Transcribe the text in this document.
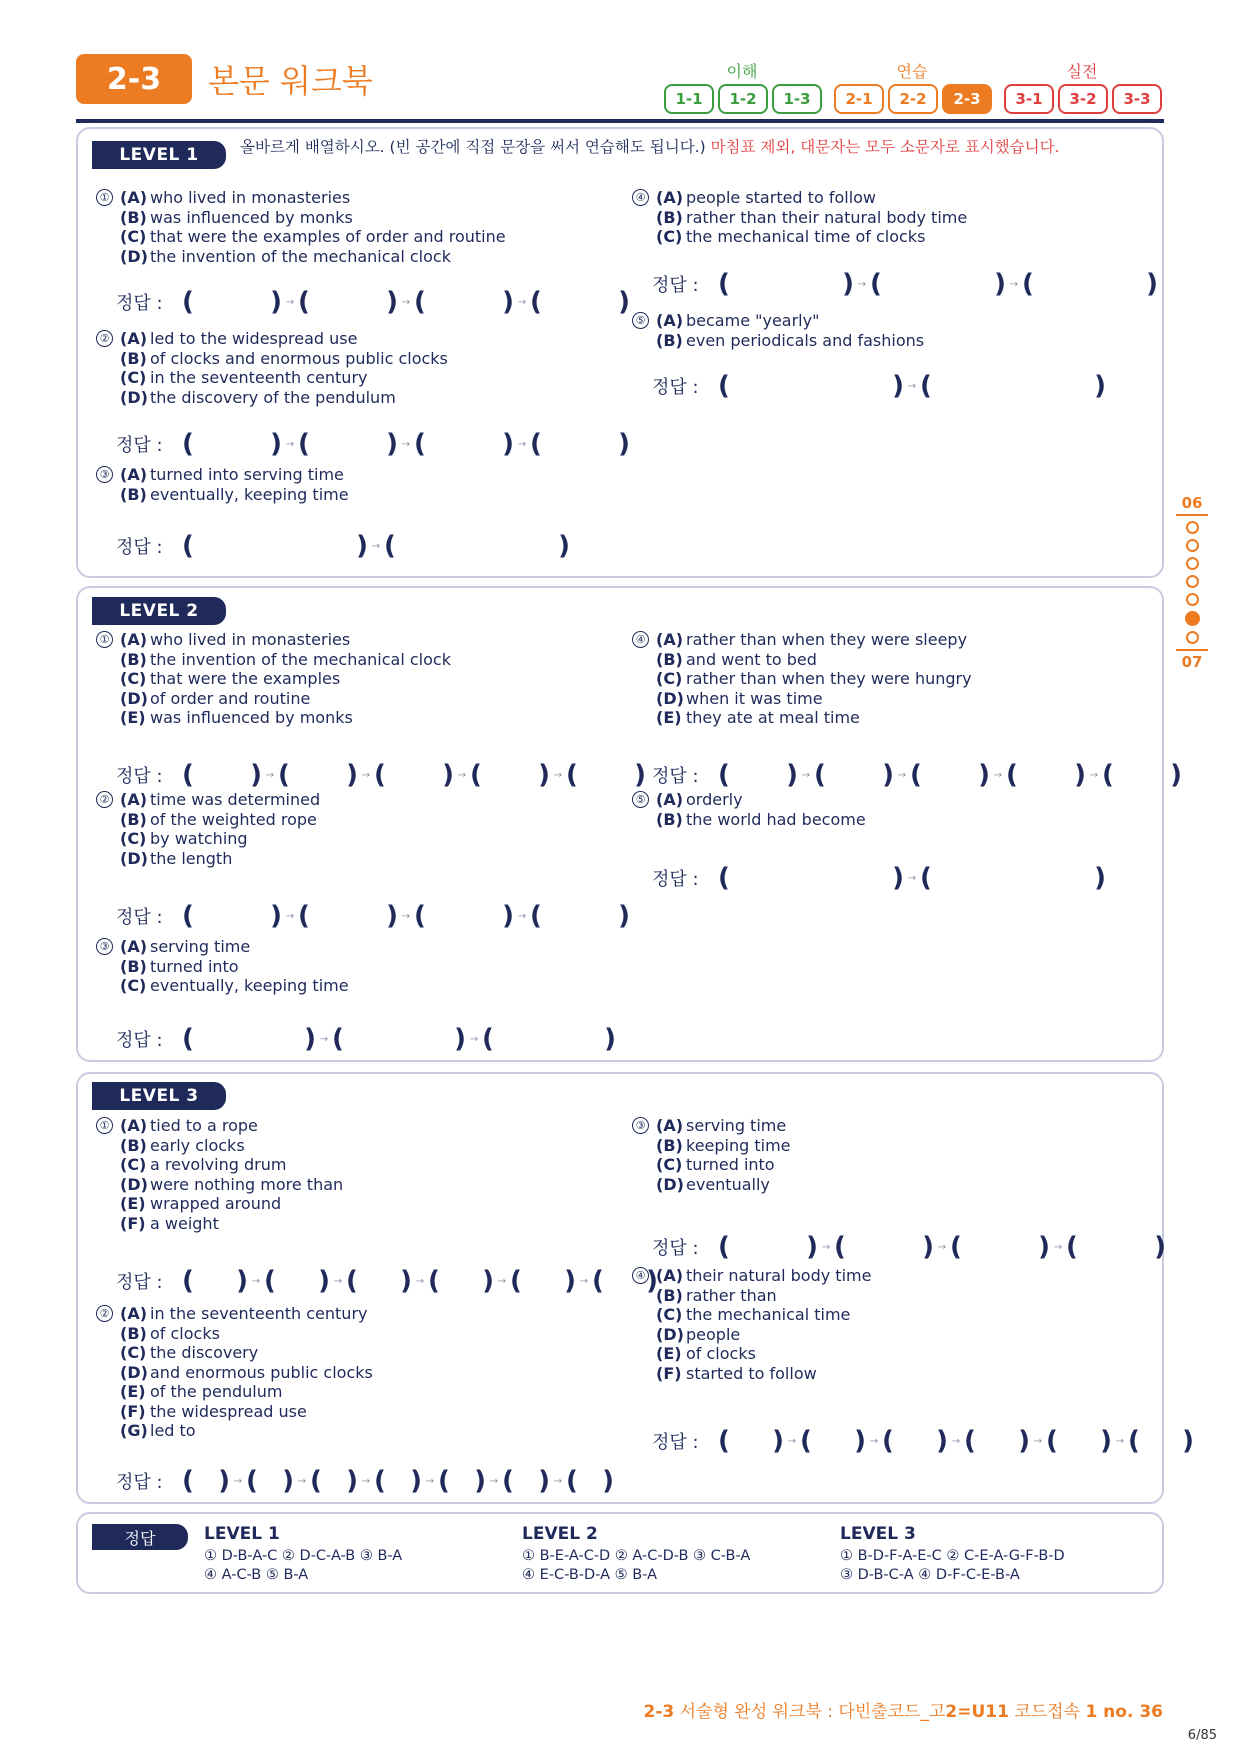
2-3	본문 워크북	이해	연습	실전
1-1	1-2	1-3	2-1	2-2	2-3	3-1	3-2	3-3
06
07
LEVEL 1	올바르게 배열하시오. (빈 공간에 직접 문장을 써서 연습해도 됩니다.) 마침표 제외, 대문자는 모두 소문자로 표시했습니다.
① (A) who lived in monasteries
(B) was influenced by monks
(C) that were the examples of order and routine
(D) the invention of the mechanical clock
정답 : (	) → (	) → (	) → (	)
② (A) led to the widespread use
(B) of clocks and enormous public clocks
(C) in the seventeenth century
(D) the discovery of the pendulum
정답 : (	) → (	) → (	) → (	)
③ (A) turned into serving time
(B) eventually, keeping time
정답 : (	) → (	)
④ (A) people started to follow
(B) rather than their natural body time
(C) the mechanical time of clocks
정답 : (	) → (	) → (	)
⑤ (A) became "yearly"
(B) even periodicals and fashions
정답 : (	) → (	)
LEVEL 2
① (A) who lived in monasteries
(B) the invention of the mechanical clock
(C) that were the examples
(D) of order and routine
(E) was influenced by monks
정답 : ( ) → ( ) → ( ) → ( ) → ( )
② (A) time was determined
(B) of the weighted rope
(C) by watching
(D) the length
정답 : (	) → (	) → (	) → (	)
③ (A) serving time
(B) turned into
(C) eventually, keeping time
정답 : (	) → (	) → (	)
④ (A) rather than when they were sleepy
(B) and went to bed
(C) rather than when they were hungry
(D) when it was time
(E) they ate at meal time
정답 : ( ) → ( ) → ( ) → ( ) → ( )
⑤ (A) orderly
(B) the world had become
정답 : (	) → (	)
LEVEL 3
① (A) tied to a rope
(B) early clocks
(C) a revolving drum
(D) were nothing more than
(E) wrapped around
(F) a weight
정답 : ( ) → ( ) → ( ) → ( ) → ( ) → ( )
② (A) in the seventeenth century
(B) of clocks
(C) the discovery
(D) and enormous public clocks
(E) of the pendulum
(F) the widespread use
(G) led to
정답 : ( ) → ( ) → ( ) → ( ) → ( ) → ( ) → ( )
③ (A) serving time
(B) keeping time
(C) turned into
(D) eventually
정답 : (	) → (	) → (	) → (	)
④ (A) their natural body time
(B) rather than
(C) the mechanical time
(D) people
(E) of clocks
(F) started to follow
정답 : ( ) → ( ) → ( ) → ( ) → ( ) → ( )
정답	LEVEL 1
① D-B-A-C ② D-C-A-B ③ B-A
④ A-C-B ⑤ B-A
LEVEL 2
① B-E-A-C-D ② A-C-D-B ③ C-B-A
④ E-C-B-D-A ⑤ B-A
LEVEL 3
① B-D-F-A-E-C ② C-E-A-G-F-B-D
③ D-B-C-A ④ D-F-C-E-B-A
2-3 서술형 완성 워크북 : 다빈출코드_고2=U11 코드접속 1 no. 36
6/85
